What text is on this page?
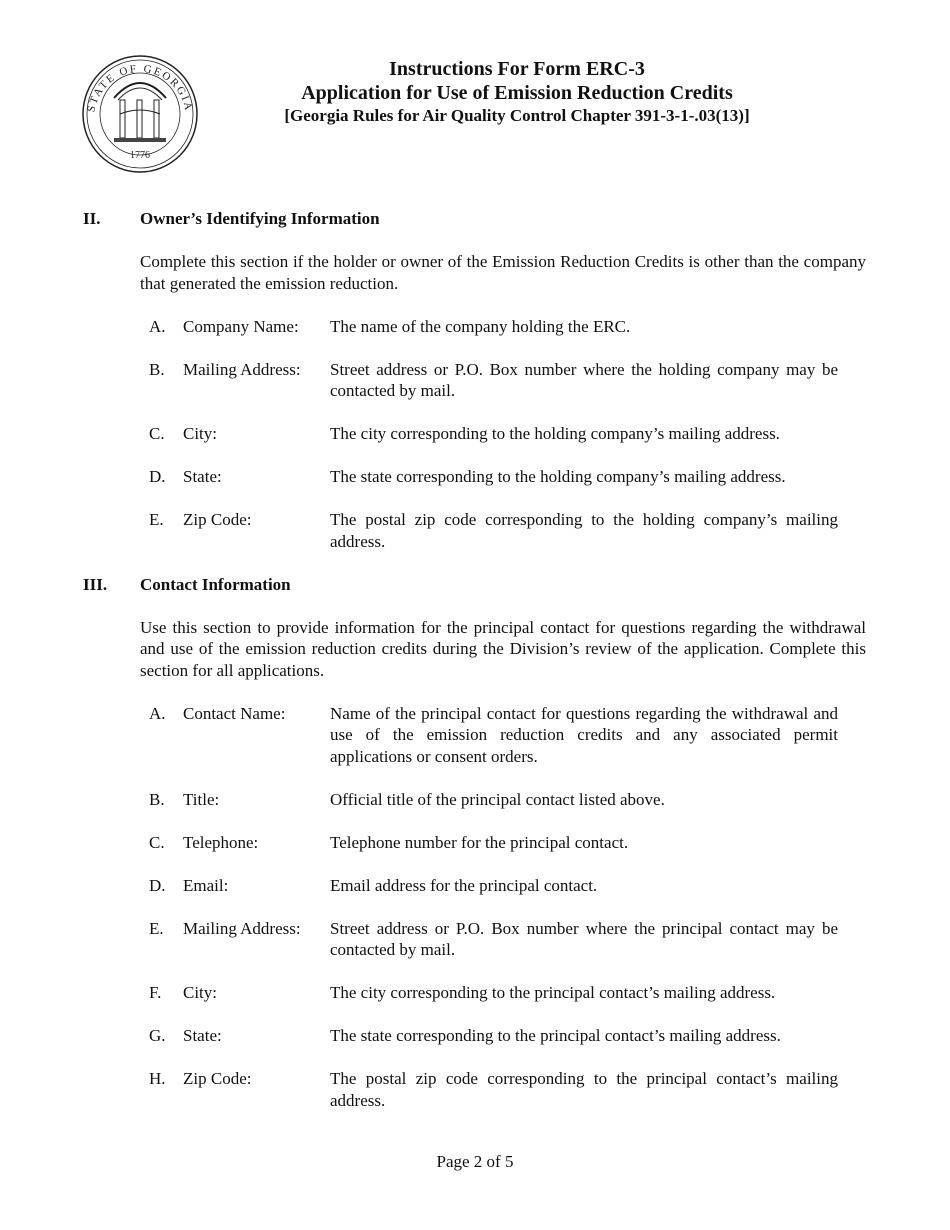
1776
STATE OF GEORGIA
Instructions For Form ERC-3
Application for Use of Emission Reduction Credits
[Georgia Rules for Air Quality Control Chapter 391-3-1-.03(13)]
II.	Owner’s Identifying Information
Complete this section if the holder or owner of the Emission Reduction Credits is other than the company that generated the emission reduction.
A.	Company Name:	The name of the company holding the ERC.
B.	Mailing Address:	Street address or P.O. Box number where the holding company may be contacted by mail.
C.	City:	The city corresponding to the holding company’s mailing address.
D.	State:	The state corresponding to the holding company’s mailing address.
E.	Zip Code:	The postal zip code corresponding to the holding company’s mailing address.
III.	Contact Information
Use this section to provide information for the principal contact for questions regarding the withdrawal and use of the emission reduction credits during the Division’s review of the application. Complete this section for all applications.
A.	Contact Name:	Name of the principal contact for questions regarding the withdrawal and use of the emission reduction credits and any associated permit applications or consent orders.
B.	Title:	Official title of the principal contact listed above.
C.	Telephone:	Telephone number for the principal contact.
D.	Email:	Email address for the principal contact.
E.	Mailing Address:	Street address or P.O. Box number where the principal contact may be contacted by mail.
F.	City:	The city corresponding to the principal contact’s mailing address.
G.	State:	The state corresponding to the principal contact’s mailing address.
H.	Zip Code:	The postal zip code corresponding to the principal contact’s mailing address.
Page 2 of 5
